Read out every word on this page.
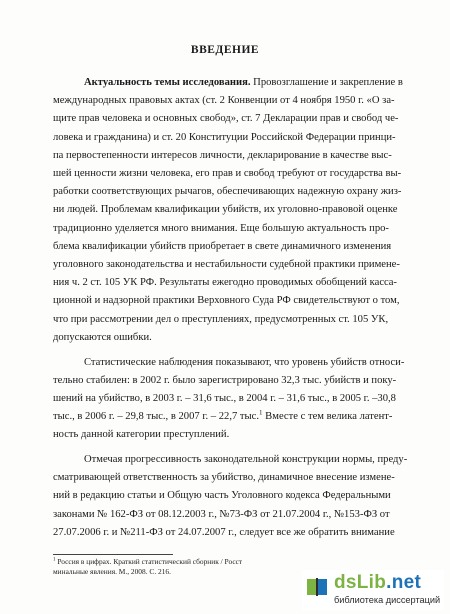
ВВЕДЕНИЕ
Актуальность темы исследования. Провозглашение и закрепление в
международных правовых актах (ст. 2 Конвенции от 4 ноября 1950 г. «О за-
щите прав человека и основных свобод», ст. 7 Декларации прав и свобод че-
ловека и гражданина) и ст. 20 Конституции Российской Федерации принци-
па первостепенности интересов личности, декларирование в качестве выс-
шей ценности жизни человека, его прав и свобод требуют от государства вы-
работки соответствующих рычагов, обеспечивающих надежную охрану жиз-
ни людей. Проблемам квалификации убийств, их уголовно-правовой оценке
традиционно уделяется много внимания. Еще большую актуальность про-
блема квалификации убийств приобретает в свете динамичного изменения
уголовного законодательства и нестабильности судебной практики примене-
ния ч. 2 ст. 105 УК РФ. Результаты ежегодно проводимых обобщений кассa-
ционной и надзорной практики Верховного Суда РФ свидетельствуют о том,
что при рассмотрении дел о преступлениях, предусмотренных ст. 105 УК,
допускаются ошибки.
Статистические наблюдения показывают, что уровень убийств относи-
тельно стабилен: в 2002 г. было зарегистрировано 32,3 тыс. убийств и поку-
шений на убийство, в 2003 г. – 31,6 тыс., в 2004 г. – 31,6 тыс., в 2005 г. –30,8
тыс., в 2006 г. – 29,8 тыс., в 2007 г. – 22,7 тыс.$^1$ Вместе с тем велика латент-
ность данной категории преступлений.
Отмечая прогрессивность законодательной конструкции нормы, преду-
сматривающей ответственность за убийство, динамичное внесение измене-
ний в редакцию статьи и Общую часть Уголовного кодекса Федеральными
законами № 162-ФЗ от 08.12.2003 г., №73-ФЗ от 21.07.2004 г., №153-ФЗ от
27.07.2006 г. и №211-ФЗ от 24.07.2007 г., следует все же обратить внимание
$^1$ Россия в цифрах. Краткий статистический сборник / Росст
минальные явления. М., 2008. С. 216.
dsLib.net
библиотека диссертаций
